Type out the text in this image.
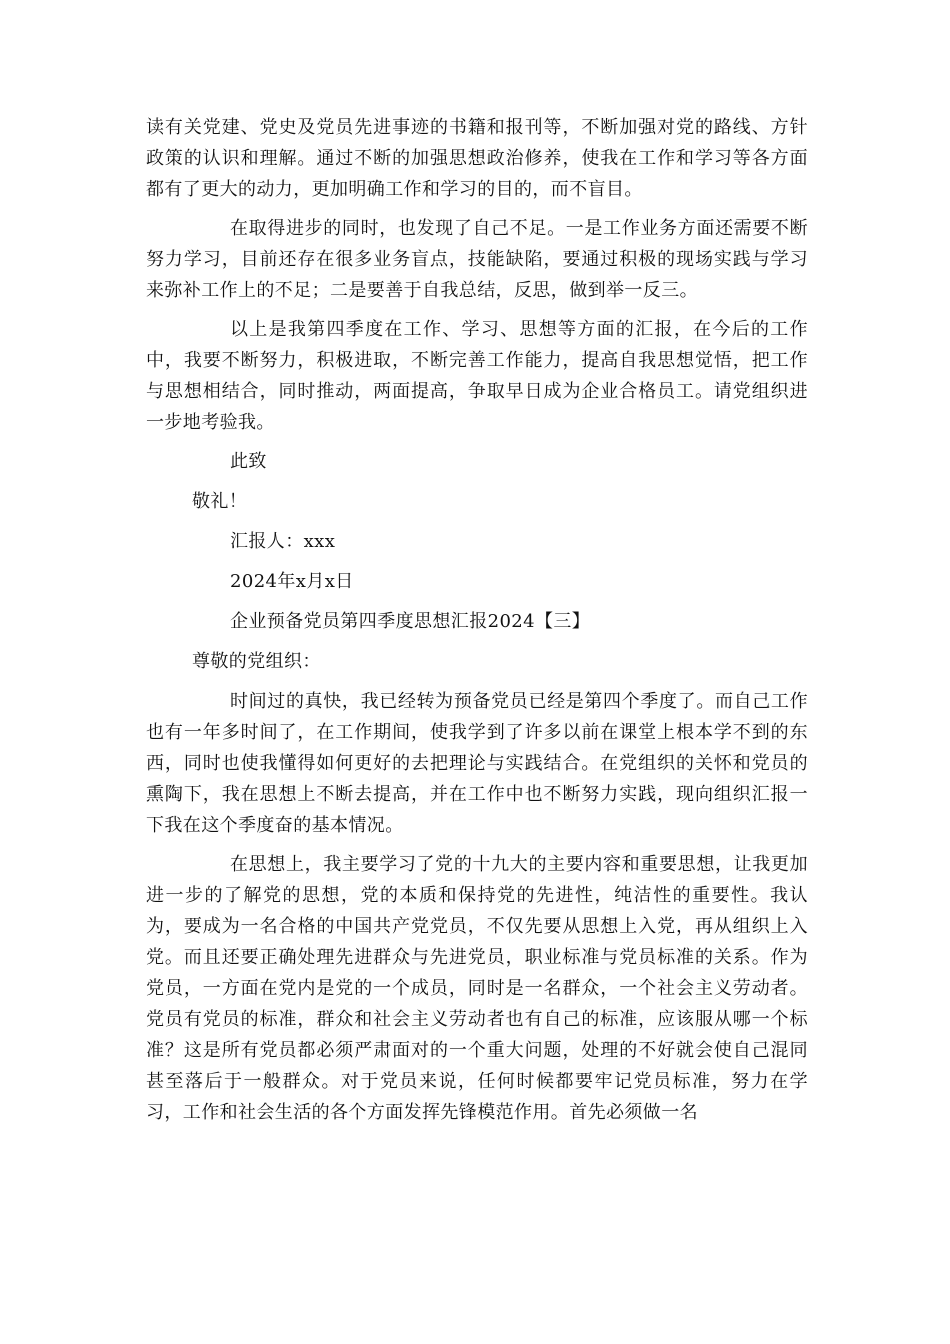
读有关党建、党史及党员先进事迹的书籍和报刊等，不断加强对党的路线、方针政策的认识和理解。通过不断的加强思想政治修养，使我在工作和学习等各方面都有了更大的动力，更加明确工作和学习的目的，而不盲目。

在取得进步的同时，也发现了自己不足。一是工作业务方面还需要不断努力学习，目前还存在很多业务盲点，技能缺陷，要通过积极的现场实践与学习来弥补工作上的不足；二是要善于自我总结，反思，做到举一反三。

以上是我第四季度在工作、学习、思想等方面的汇报，在今后的工作中，我要不断努力，积极进取，不断完善工作能力，提高自我思想觉悟，把工作与思想相结合，同时推动，两面提高，争取早日成为企业合格员工。请党组织进一步地考验我。

此致

敬礼！

汇报人：xxx

2024年x月x日

企业预备党员第四季度思想汇报2024【三】

尊敬的党组织：

时间过的真快，我已经转为预备党员已经是第四个季度了。而自己工作也有一年多时间了，在工作期间，使我学到了许多以前在课堂上根本学不到的东西，同时也使我懂得如何更好的去把理论与实践结合。在党组织的关怀和党员的熏陶下，我在思想上不断去提高，并在工作中也不断努力实践，现向组织汇报一下我在这个季度奋的基本情况。

在思想上，我主要学习了党的十九大的主要内容和重要思想，让我更加进一步的了解党的思想，党的本质和保持党的先进性，纯洁性的重要性。我认为，要成为一名合格的中国共产党党员，不仅先要从思想上入党，再从组织上入党。而且还要正确处理先进群众与先进党员，职业标准与党员标准的关系。作为党员，一方面在党内是党的一个成员，同时是一名群众，一个社会主义劳动者。党员有党员的标准，群众和社会主义劳动者也有自己的标准，应该服从哪一个标准？这是所有党员都必须严肃面对的一个重大问题，处理的不好就会使自己混同甚至落后于一般群众。对于党员来说，任何时候都要牢记党员标准，努力在学习，工作和社会生活的各个方面发挥先锋模范作用。首先必须做一名
